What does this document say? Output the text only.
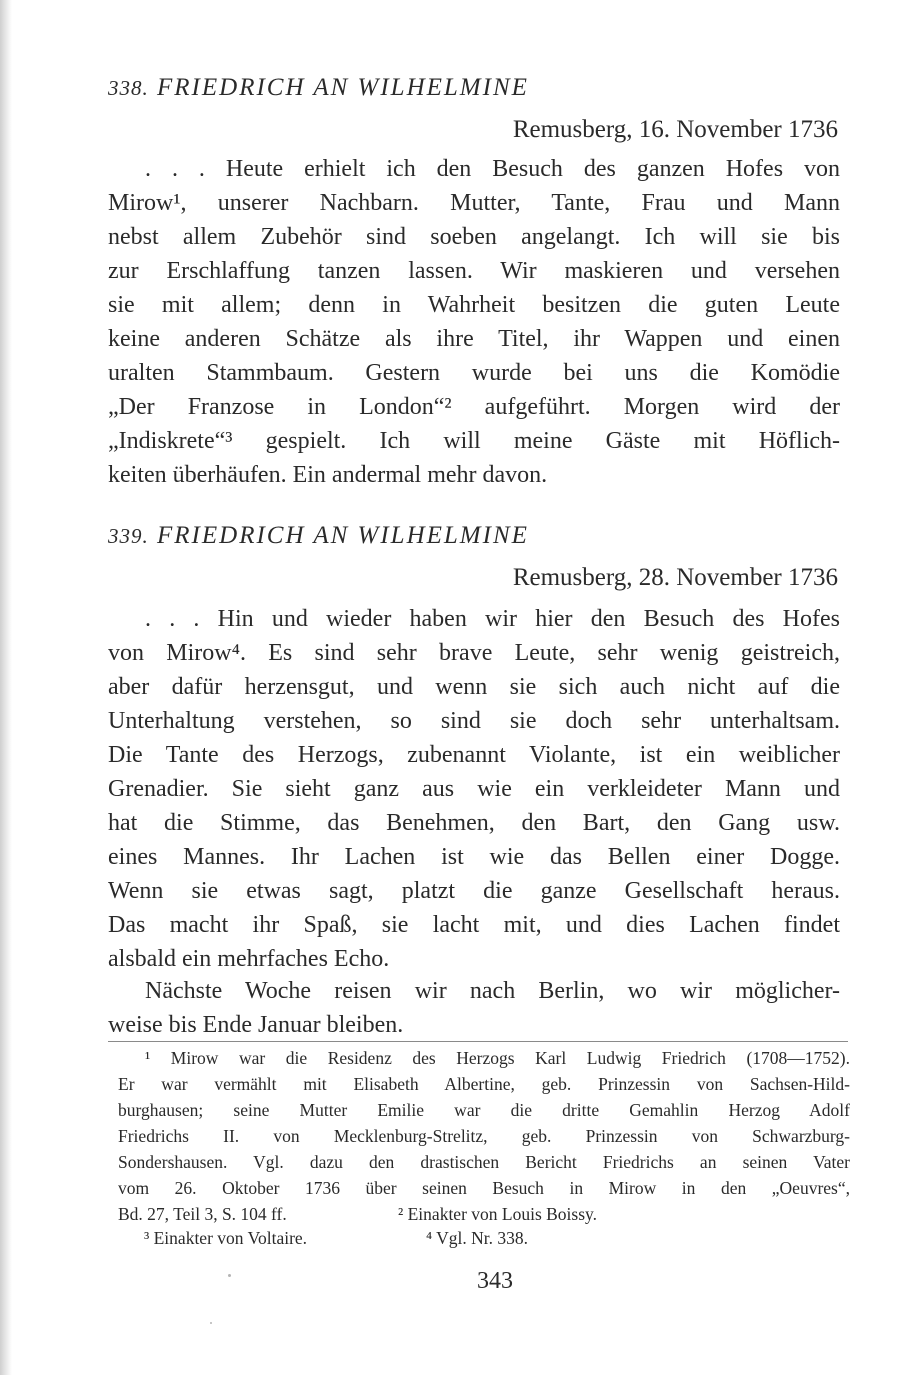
338. FRIEDRICH AN WILHELMINE
Remusberg, 16. November 1736
. . . Heute erhielt ich den Besuch des ganzen Hofes von
Mirow¹, unserer Nachbarn. Mutter, Tante, Frau und Mann
nebst allem Zubehör sind soeben angelangt. Ich will sie bis
zur Erschlaffung tanzen lassen. Wir maskieren und versehen
sie mit allem; denn in Wahrheit besitzen die guten Leute
keine anderen Schätze als ihre Titel, ihr Wappen und einen
uralten Stammbaum. Gestern wurde bei uns die Komödie
„Der Franzose in London“² aufgeführt. Morgen wird der
„Indiskrete“³ gespielt. Ich will meine Gäste mit Höflich-
keiten überhäufen. Ein andermal mehr davon.
339. FRIEDRICH AN WILHELMINE
Remusberg, 28. November 1736
. . . Hin und wieder haben wir hier den Besuch des Hofes
von Mirow⁴. Es sind sehr brave Leute, sehr wenig geistreich,
aber dafür herzensgut, und wenn sie sich auch nicht auf die
Unterhaltung verstehen, so sind sie doch sehr unterhaltsam.
Die Tante des Herzogs, zubenannt Violante, ist ein weiblicher
Grenadier. Sie sieht ganz aus wie ein verkleideter Mann und
hat die Stimme, das Benehmen, den Bart, den Gang usw.
eines Mannes. Ihr Lachen ist wie das Bellen einer Dogge.
Wenn sie etwas sagt, platzt die ganze Gesellschaft heraus.
Das macht ihr Spaß, sie lacht mit, und dies Lachen findet
alsbald ein mehrfaches Echo.
Nächste Woche reisen wir nach Berlin, wo wir möglicher-
weise bis Ende Januar bleiben.
¹ Mirow war die Residenz des Herzogs Karl Ludwig Friedrich (1708—1752).
Er war vermählt mit Elisabeth Albertine, geb. Prinzessin von Sachsen-Hild-
burghausen; seine Mutter Emilie war die dritte Gemahlin Herzog Adolf
Friedrichs II. von Mecklenburg-Strelitz, geb. Prinzessin von Schwarzburg-
Sondershausen. Vgl. dazu den drastischen Bericht Friedrichs an seinen Vater
vom 26. Oktober 1736 über seinen Besuch in Mirow in den „Oeuvres“,
Bd. 27, Teil 3, S. 104 ff.	² Einakter von Louis Boissy.
³ Einakter von Voltaire.	⁴ Vgl. Nr. 338.
343
